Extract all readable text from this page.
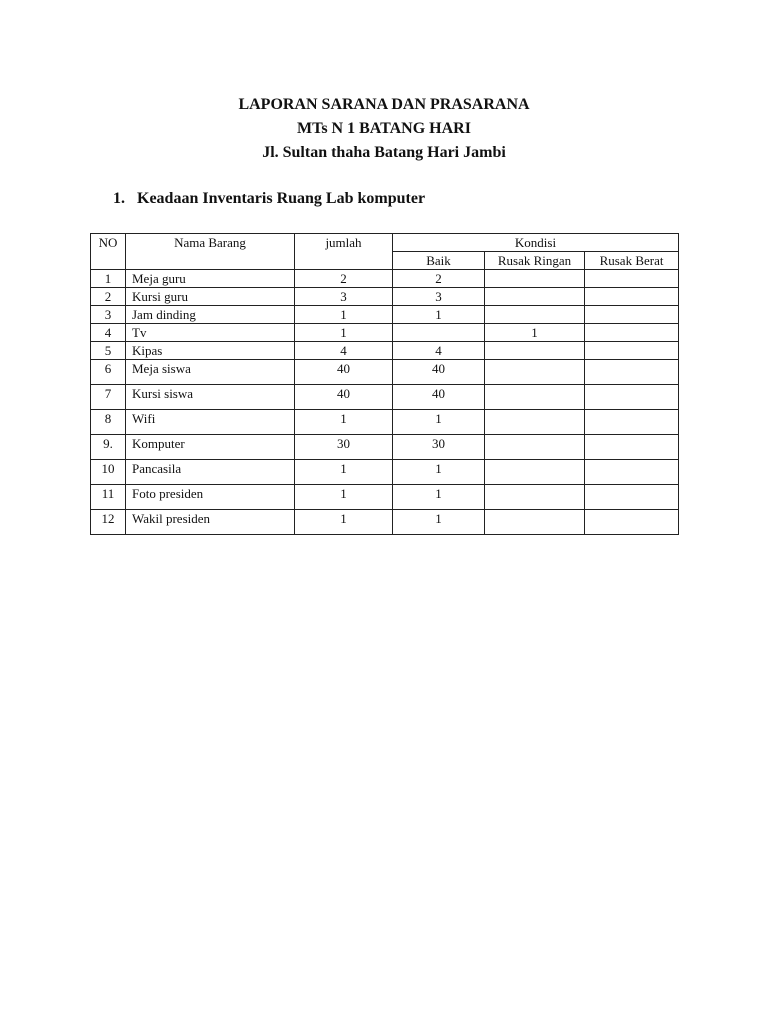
LAPORAN SARANA DAN PRASARANA
MTs N 1 BATANG HARI
Jl. Sultan thaha Batang Hari Jambi
1. Keadaan Inventaris Ruang Lab komputer
NO	Nama Barang	jumlah	Kondisi		
			Baik	Rusak Ringan	Rusak Berat
1	Meja guru	2	2		
2	Kursi guru	3	3		
3	Jam dinding	1	1		
4	Tv	1		1	
5	Kipas	4	4		
6	Meja siswa	40	40		
7	Kursi siswa	40	40		
8	Wifi	1	1		
9.	Komputer	30	30		
10	Pancasila	1	1		
11	Foto presiden	1	1		
12	Wakil presiden	1	1		
